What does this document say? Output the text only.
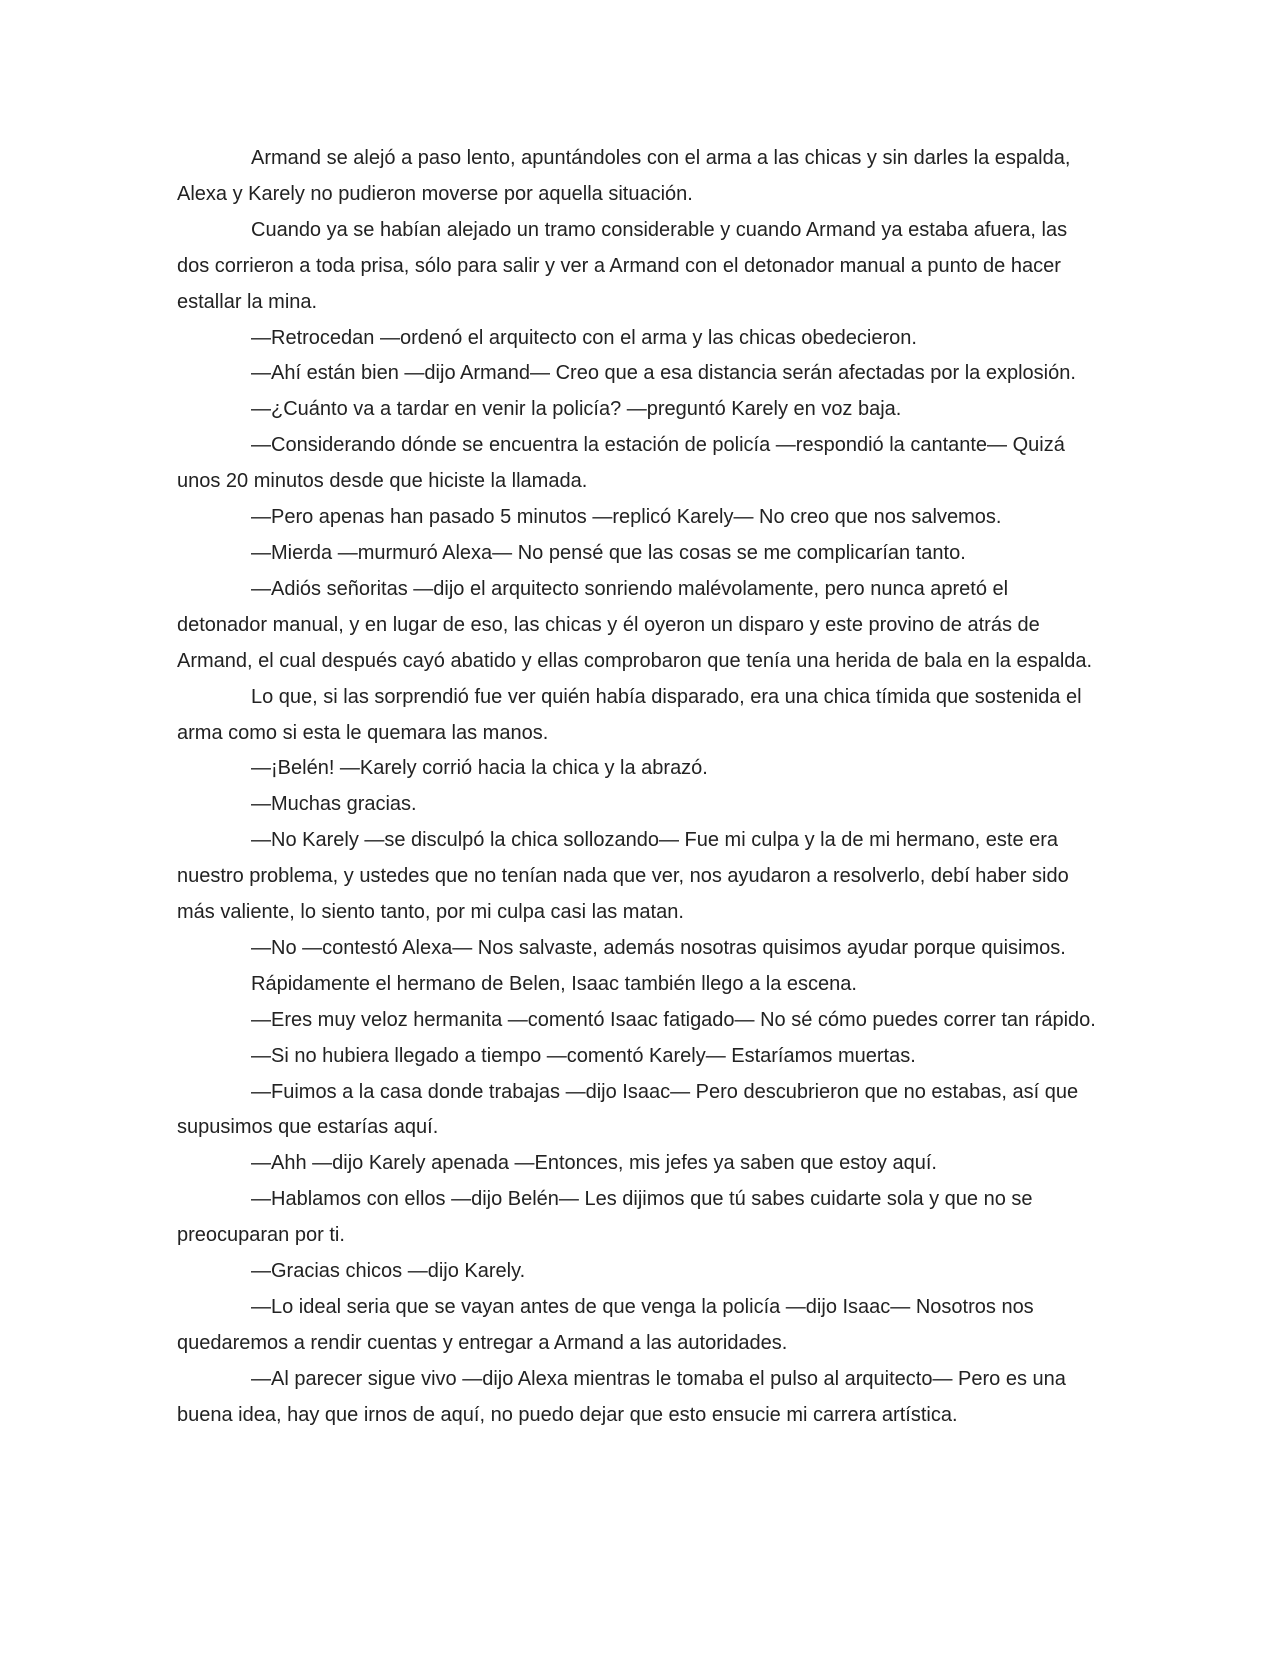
Armand se alejó a paso lento, apuntándoles con el arma a las chicas y sin darles la espalda, Alexa y Karely no pudieron moverse por aquella situación.

Cuando ya se habían alejado un tramo considerable y cuando Armand ya estaba afuera, las dos corrieron a toda prisa, sólo para salir y ver a Armand con el detonador manual a punto de hacer estallar la mina.

—Retrocedan —ordenó el arquitecto con el arma y las chicas obedecieron.

—Ahí están bien —dijo Armand— Creo que a esa distancia serán afectadas por la explosión.

—¿Cuánto va a tardar en venir la policía? —preguntó Karely en voz baja.

—Considerando dónde se encuentra la estación de policía —respondió la cantante— Quizá unos 20 minutos desde que hiciste la llamada.

—Pero apenas han pasado 5 minutos —replicó Karely— No creo que nos salvemos.

—Mierda —murmuró Alexa— No pensé que las cosas se me complicarían tanto.

—Adiós señoritas —dijo el arquitecto sonriendo malévolamente, pero nunca apretó el detonador manual, y en lugar de eso, las chicas y él oyeron un disparo y este provino de atrás de Armand, el cual después cayó abatido y ellas comprobaron que tenía una herida de bala en la espalda.

Lo que, si las sorprendió fue ver quién había disparado, era una chica tímida que sostenida el arma como si esta le quemara las manos.

—¡Belén! —Karely corrió hacia la chica y la abrazó.

—Muchas gracias.

—No Karely —se disculpó la chica sollozando— Fue mi culpa y la de mi hermano, este era nuestro problema, y ustedes que no tenían nada que ver, nos ayudaron a resolverlo, debí haber sido más valiente, lo siento tanto, por mi culpa casi las matan.

—No —contestó Alexa— Nos salvaste, además nosotras quisimos ayudar porque quisimos.

Rápidamente el hermano de Belen, Isaac también llego a la escena.

—Eres muy veloz hermanita —comentó Isaac fatigado— No sé cómo puedes correr tan rápido.

—Si no hubiera llegado a tiempo —comentó Karely— Estaríamos muertas.

—Fuimos a la casa donde trabajas —dijo Isaac— Pero descubrieron que no estabas, así que supusimos que estarías aquí.

—Ahh —dijo Karely apenada —Entonces, mis jefes ya saben que estoy aquí.

—Hablamos con ellos —dijo Belén— Les dijimos que tú sabes cuidarte sola y que no se preocuparan por ti.

—Gracias chicos —dijo Karely.

—Lo ideal seria que se vayan antes de que venga la policía —dijo Isaac— Nosotros nos quedaremos a rendir cuentas y entregar a Armand a las autoridades.

—Al parecer sigue vivo —dijo Alexa mientras le tomaba el pulso al arquitecto— Pero es una buena idea, hay que irnos de aquí, no puedo dejar que esto ensucie mi carrera artística.
